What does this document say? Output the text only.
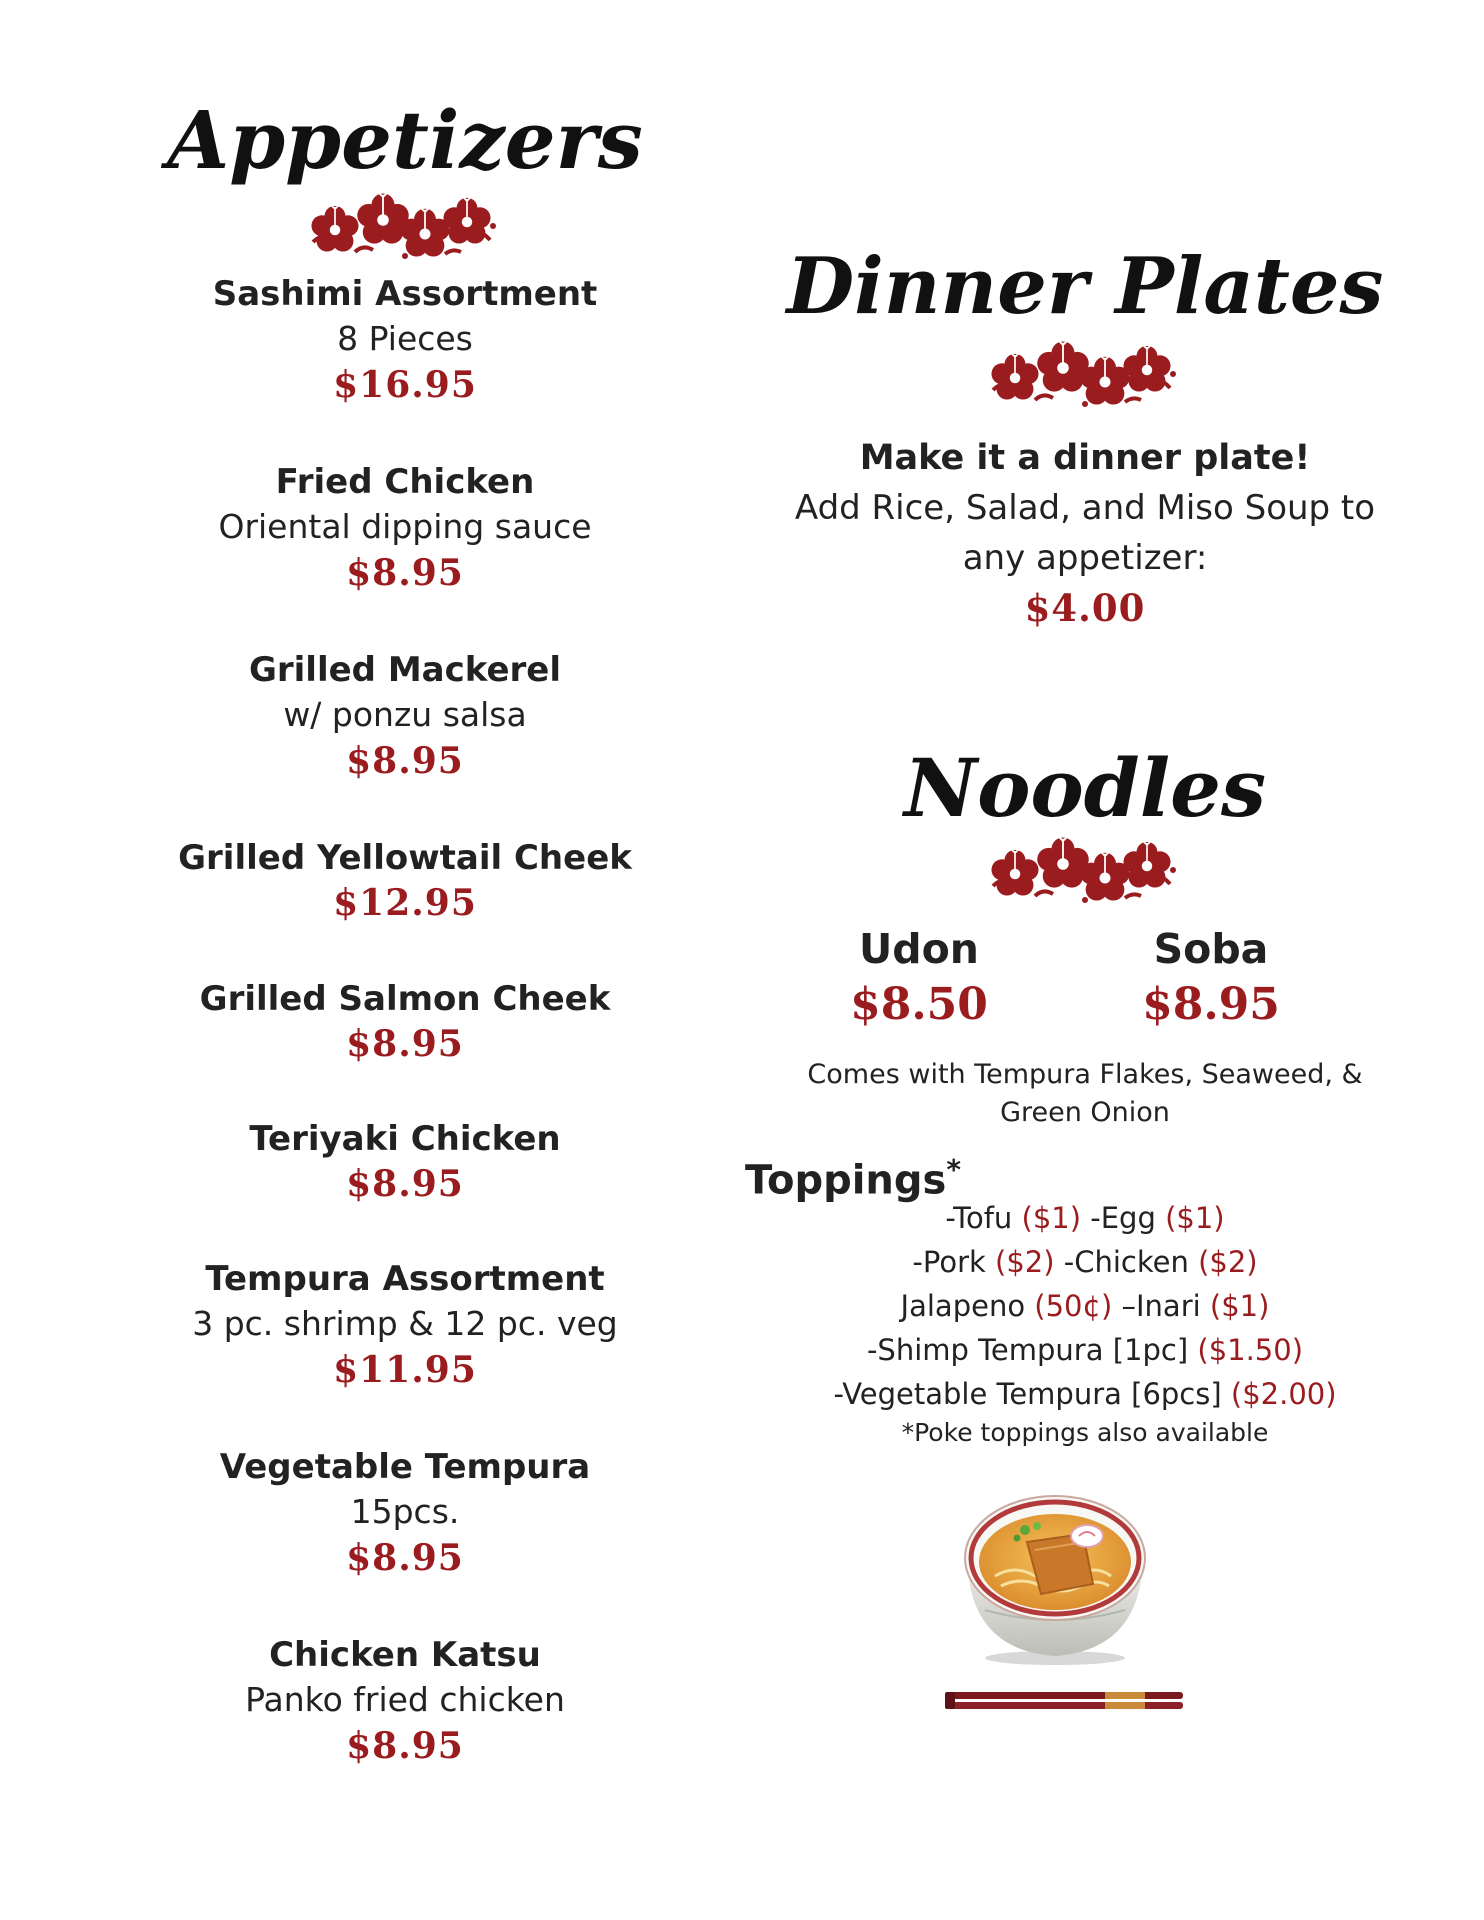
Appetizers
Sashimi Assortment
8 Pieces
$16.95
Fried Chicken
Oriental dipping sauce
$8.95
Grilled Mackerel
w/ ponzu salsa
$8.95
Grilled Yellowtail Cheek
$12.95
Grilled Salmon Cheek
$8.95
Teriyaki Chicken
$8.95
Tempura Assortment
3 pc. shrimp & 12 pc. veg
$11.95
Vegetable Tempura
15pcs.
$8.95
Chicken Katsu
Panko fried chicken
$8.95
Dinner Plates
Make it a dinner plate!
Add Rice, Salad, and Miso Soup to
any appetizer:
$4.00
Noodles
Udon
$8.50
Soba
$8.95
Comes with Tempura Flakes, Seaweed, &
Green Onion
Toppings*
-Tofu ($1) -Egg ($1)
-Pork ($2) -Chicken ($2)
Jalapeno (50¢) –Inari ($1)
-Shimp Tempura [1pc] ($1.50)
-Vegetable Tempura [6pcs] ($2.00)
*Poke toppings also available
